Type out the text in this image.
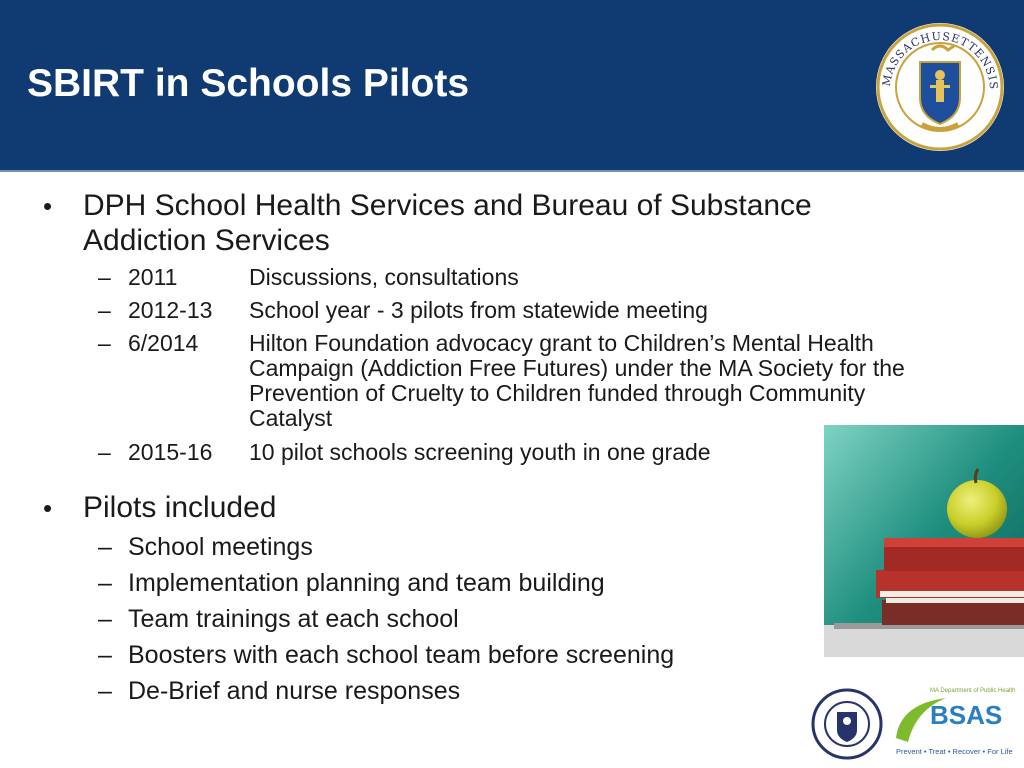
SBIRT in Schools Pilots	MASSACHUSETTENSIS
• DPH School Health Services and Bureau of Substance
Addiction Services
– 2011	Discussions, consultations
– 2012-13 School year - 3 pilots from statewide meeting
– 6/2014 Hilton Foundation advocacy grant to Children’s Mental Health
Campaign (Addiction Free Futures) under the MA Society for the
Prevention of Cruelty to Children funded through Community
Catalyst
– 2015-16 10 pilot schools screening youth in one grade
• Pilots included
– School meetings
– Implementation planning and team building
– Team trainings at each school
– Boosters with each school team before screening
– De-Brief and nurse responses	MA Department of Public Health
BSAS
Prevent • Treat • Recover • For Life
